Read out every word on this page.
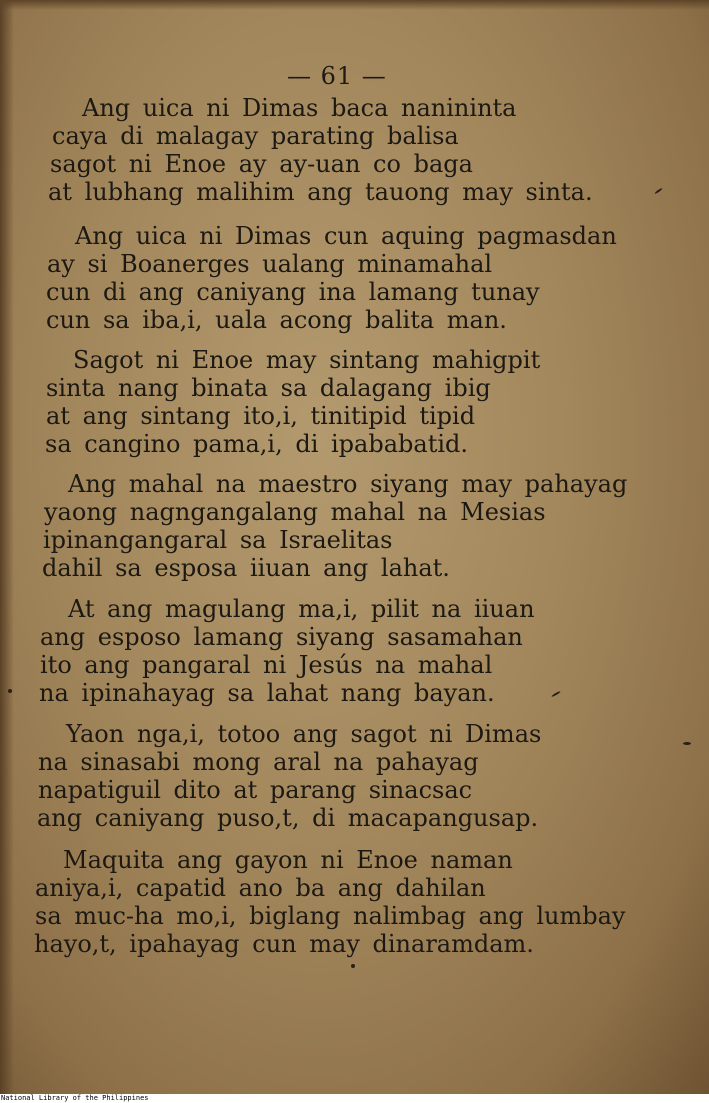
— 61 —
Ang uica ni Dimas baca naninintа
caya di malagay parating balisa
sagot ni Enoe ay ay-uan co baga
at lubhang malihim ang tauong may sinta.
Ang uica ni Dimas cun aquing pagmasdan
ay si Boanerges ualang minamahal
cun di ang caniyang ina lamang tunay
cun sa iba,i, uala acong balita man.
Sagot ni Enoe may sintang mahigpit
sinta nang binata sa dalagang ibig
at ang sintang ito,i, tinitipid tipid
sa cangino pama,i, di ipababatid.
Ang mahal na maestro siyang may pahayag
yaong nagngangalang mahal na Mesias
ipinangangaral sa Israelitas
dahil sa esposa iiuan ang lahat.
At ang magulang ma,i, pilit na iiuan
ang esposo lamang siyang sasamahan
ito ang pangaral ni Jesús na mahal
na ipinahayag sa lahat nang bayan.
Yaon nga,i, totoo ang sagot ni Dimas
na sinasabi mong aral na pahayag
napatiguil dito at parang sinacsac
ang caniyang puso,t, di macapangusap.
Maquita ang gayon ni Enoe naman
aniya,i, capatid ano ba ang dahilan
sa muc-ha mo,i, biglang nalimbag ang lumbay
hayo,t, ipahayag cun may dinaramdam.
National Library of the Philippines
